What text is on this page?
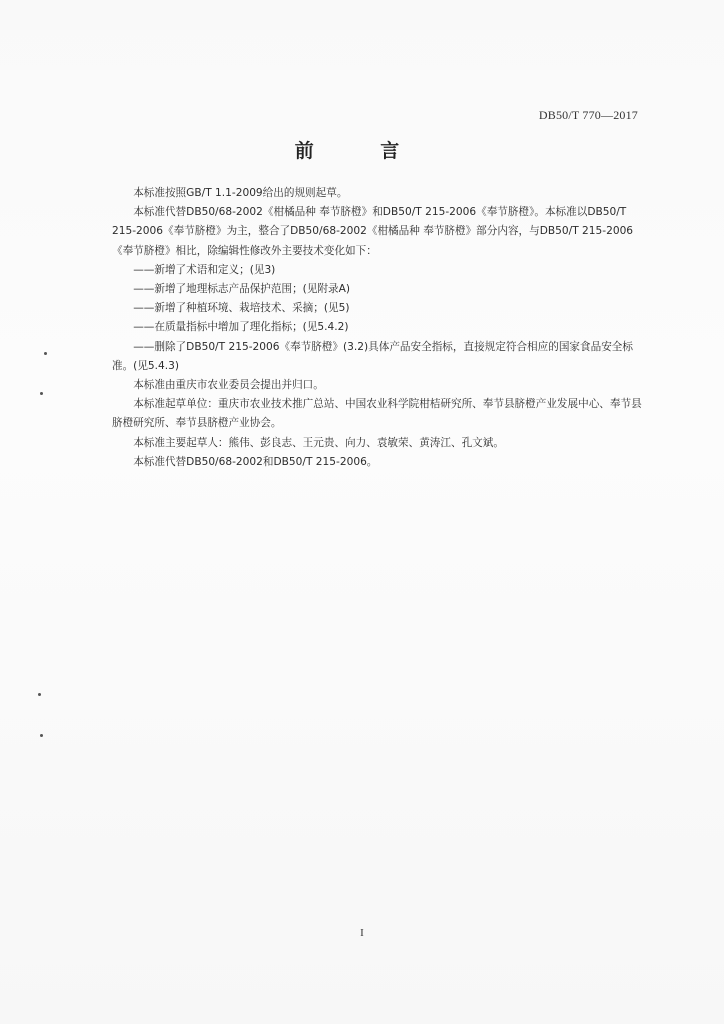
DB50/T 770—2017
前 言

本标准按照GB/T 1.1-2009给出的规则起草。

本标准代替DB50/68-2002《柑橘品种 奉节脐橙》和DB50/T 215-2006《奉节脐橙》。本标准以DB50/T 215-2006《奉节脐橙》为主，整合了DB50/68-2002《柑橘品种 奉节脐橙》部分内容，与DB50/T 215-2006《奉节脐橙》相比，除编辑性修改外主要技术变化如下：

——新增了术语和定义；(见3)

——新增了地理标志产品保护范围；(见附录A)

——新增了种植环境、栽培技术、采摘；(见5)

——在质量指标中增加了理化指标；(见5.4.2)

——删除了DB50/T 215-2006《奉节脐橙》(3.2)具体产品安全指标，直接规定符合相应的国家食品安全标准。(见5.4.3)

本标准由重庆市农业委员会提出并归口。

本标准起草单位：重庆市农业技术推广总站、中国农业科学院柑桔研究所、奉节县脐橙产业发展中心、奉节县脐橙研究所、奉节县脐橙产业协会。

本标准主要起草人：熊伟、彭良志、王元贵、向力、袁敏荣、黄涛江、孔文斌。

本标准代替DB50/68-2002和DB50/T 215-2006。

I
